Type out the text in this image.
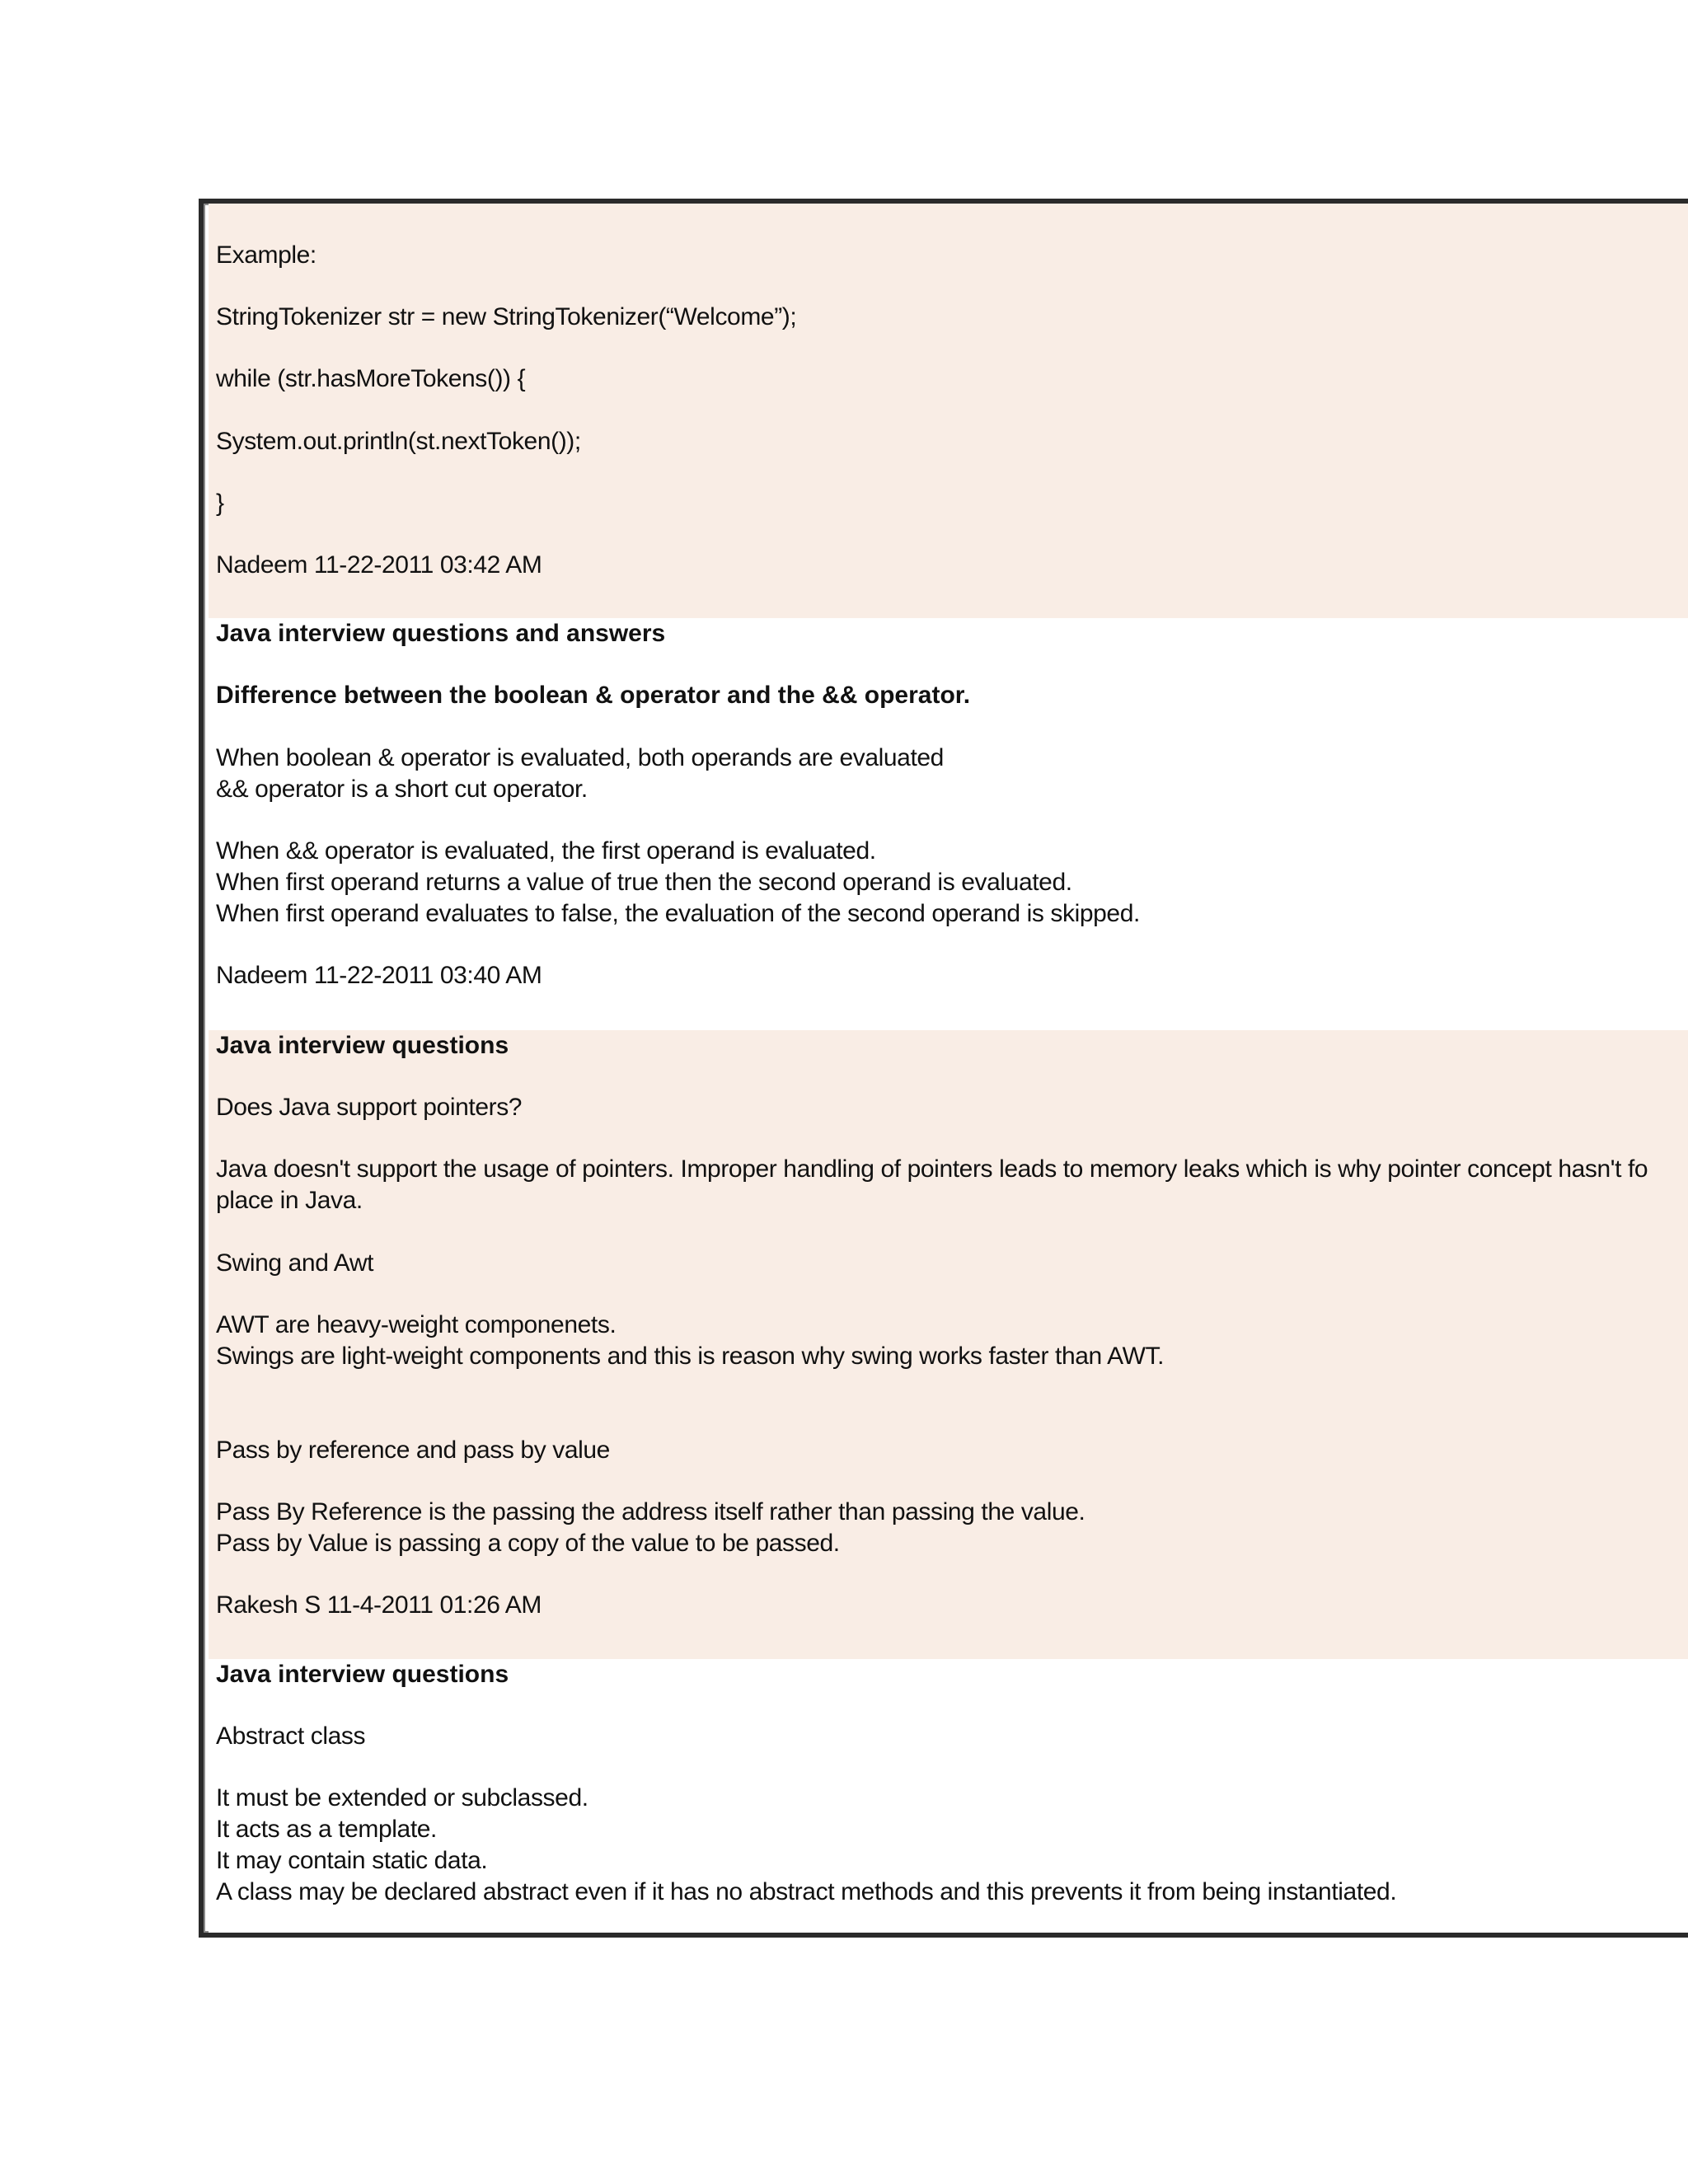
Example:
StringTokenizer str = new StringTokenizer(“Welcome”);
while (str.hasMoreTokens()) {
System.out.println(st.nextToken());
}
Nadeem 11-22-2011 03:42 AM
Java interview questions and answers
Difference between the boolean & operator and the && operator.
When boolean & operator is evaluated, both operands are evaluated
&& operator is a short cut operator.
When && operator is evaluated, the first operand is evaluated.
When first operand returns a value of true then the second operand is evaluated.
When first operand evaluates to false, the evaluation of the second operand is skipped.
Nadeem 11-22-2011 03:40 AM
Java interview questions
Does Java support pointers?
Java doesn't support the usage of pointers. Improper handling of pointers leads to memory leaks which is why pointer concept hasn't fo
place in Java.
Swing and Awt
AWT are heavy-weight componenets.
Swings are light-weight components and this is reason why swing works faster than AWT.
Pass by reference and pass by value
Pass By Reference is the passing the address itself rather than passing the value.
Pass by Value is passing a copy of the value to be passed.
Rakesh S 11-4-2011 01:26 AM
Java interview questions
Abstract class
It must be extended or subclassed.
It acts as a template.
It may contain static data.
A class may be declared abstract even if it has no abstract methods and this prevents it from being instantiated.
